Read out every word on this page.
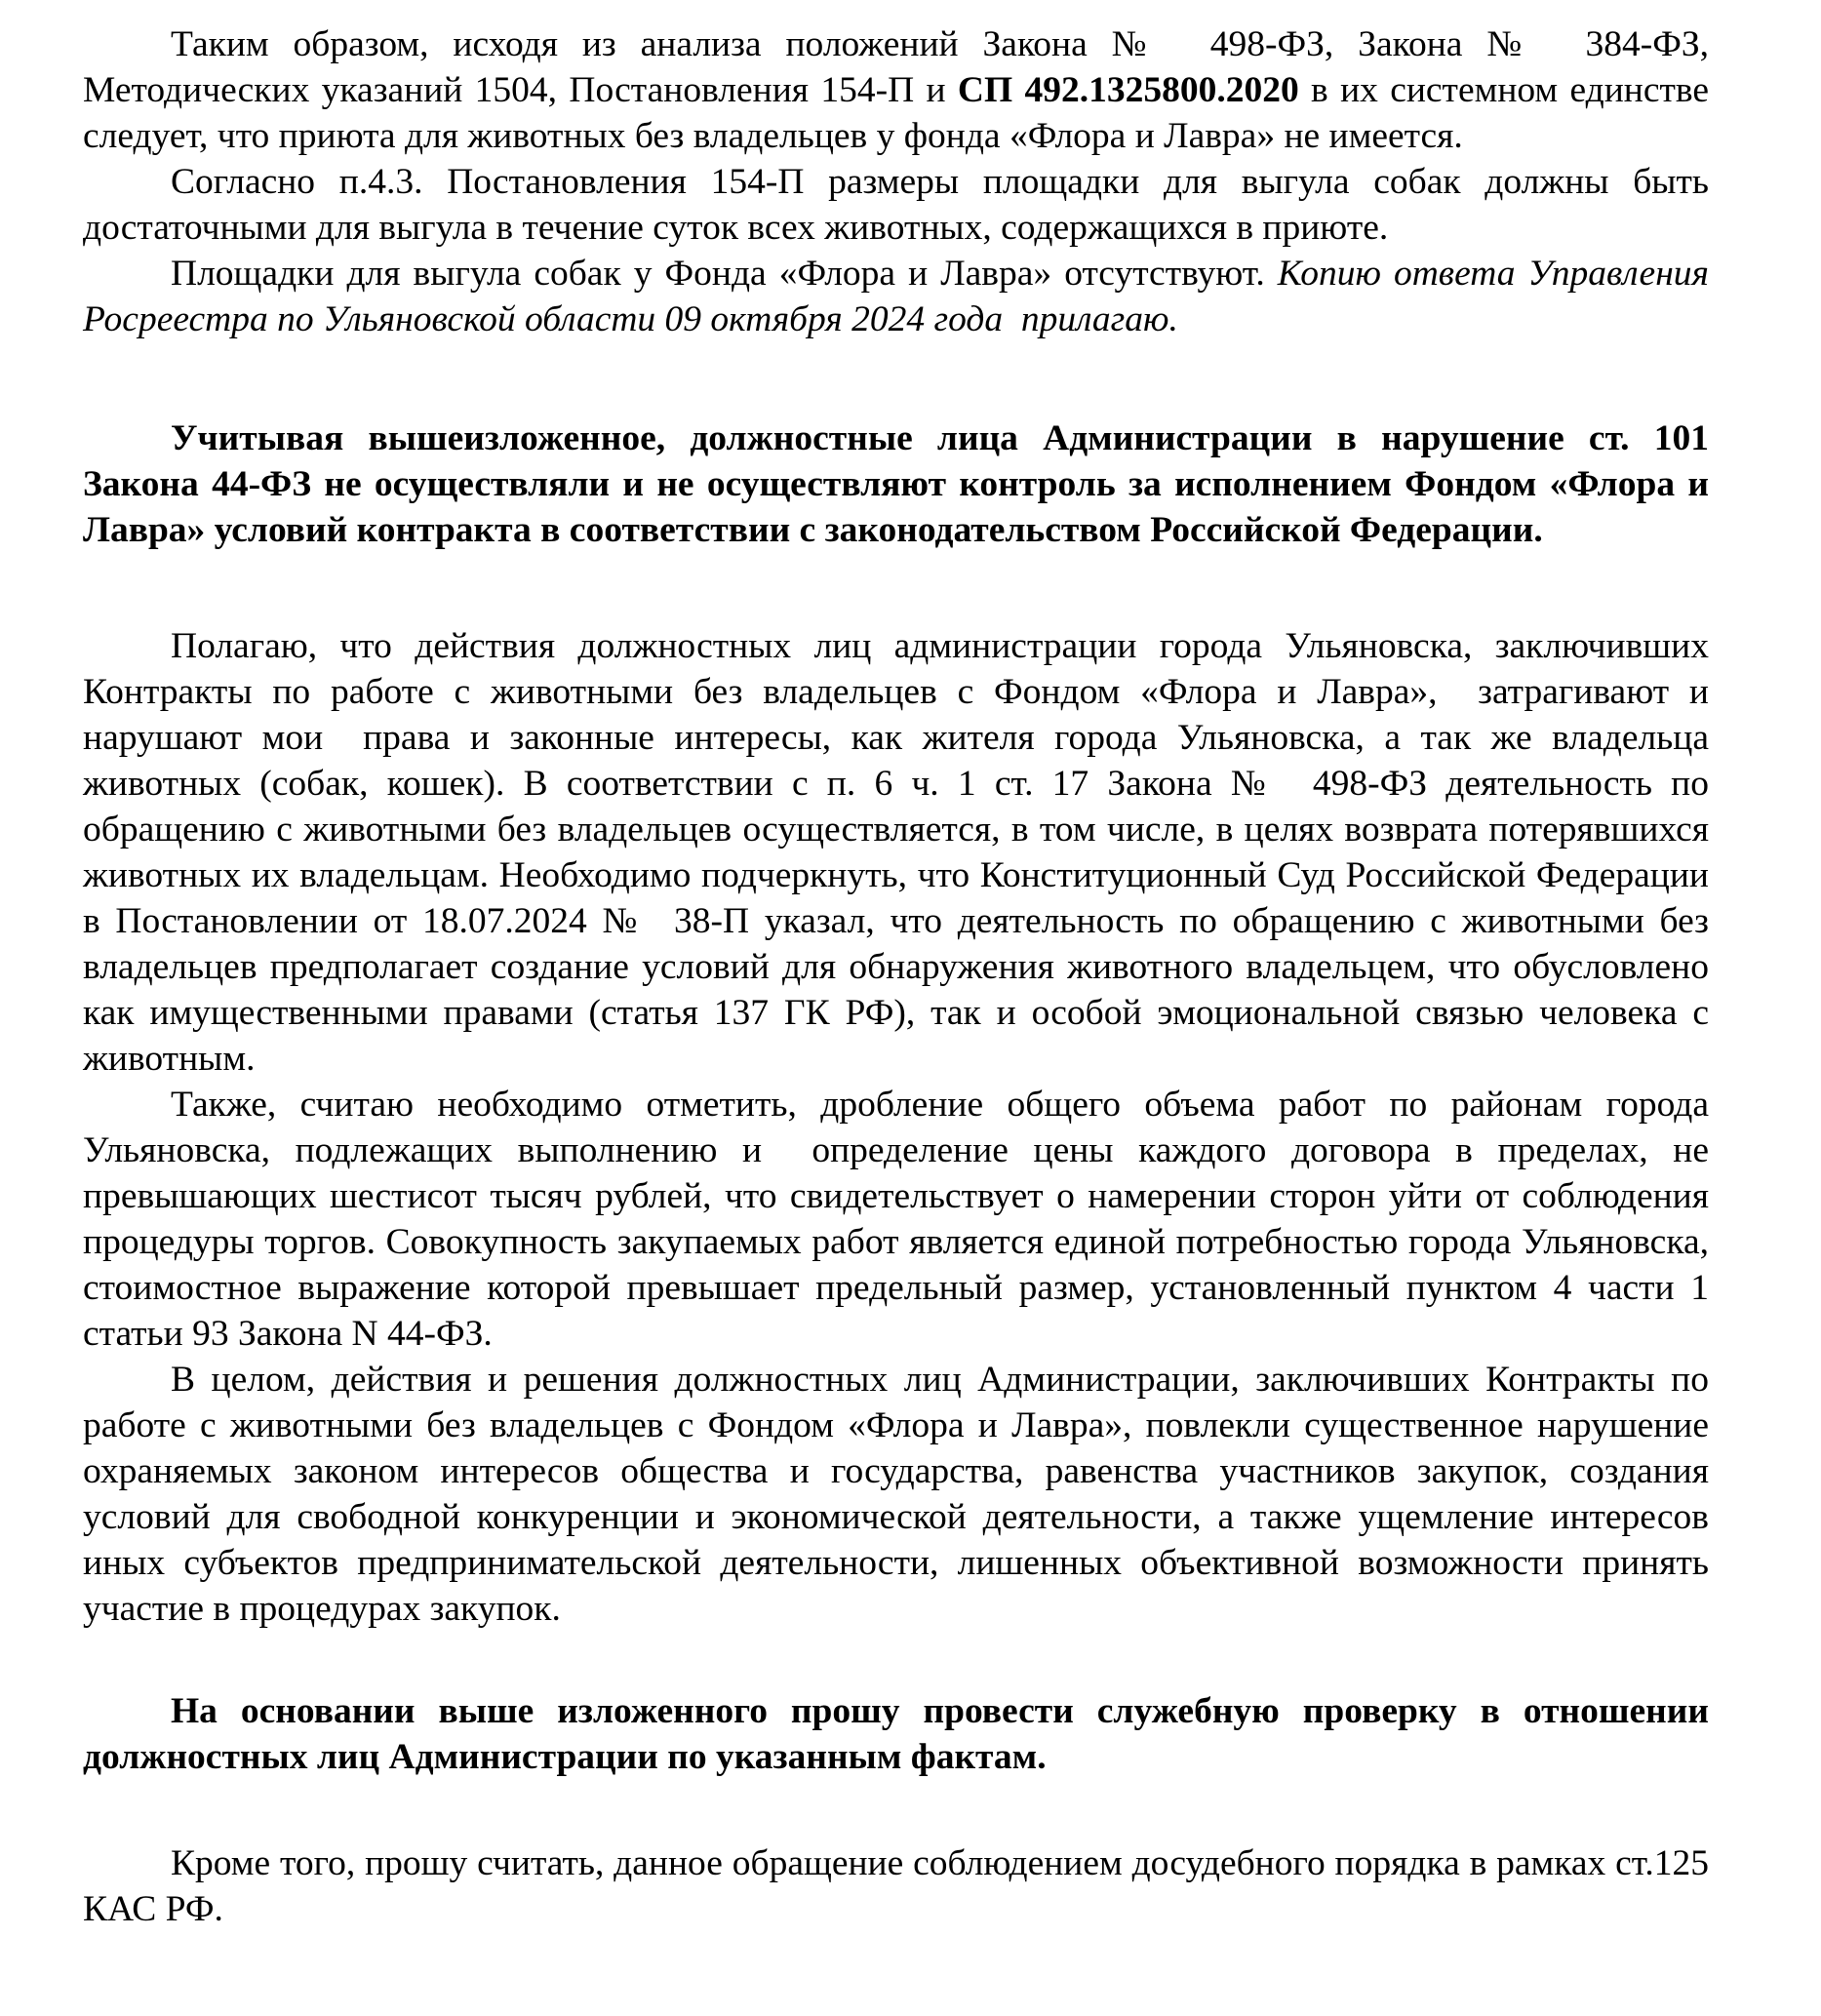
Таким образом, исходя из анализа положений Закона №  498-ФЗ, Закона №  384-ФЗ, Методических указаний 1504, Постановления 154-П и СП 492.1325800.2020 в их системном единстве следует, что приюта для животных без владельцев у фонда «Флора и Лавра» не имеется.

Согласно п.4.3. Постановления 154-П размеры площадки для выгула собак должны быть достаточными для выгула в течение суток всех животных, содержащихся в приюте.

Площадки для выгула собак у Фонда «Флора и Лавра» отсутствуют. Копию ответа Управления Росреестра по Ульяновской области 09 октября 2024 года  прилагаю.

Учитывая вышеизложенное, должностные лица Администрации в нарушение ст. 101 Закона 44-ФЗ не осуществляли и не осуществляют контроль за исполнением Фондом «Флора и Лавра» условий контракта в соответствии с законодательством Российской Федерации.

Полагаю, что действия должностных лиц администрации города Ульяновска, заключивших Контракты по работе с животными без владельцев с Фондом «Флора и Лавра»,  затрагивают и нарушают мои  права и законные интересы, как жителя города Ульяновска, а так же владельца животных (собак, кошек). В соответствии с п. 6 ч. 1 ст. 17 Закона №  498-ФЗ деятельность по обращению с животными без владельцев осуществляется, в том числе, в целях возврата потерявшихся животных их владельцам. Необходимо подчеркнуть, что Конституционный Суд Российской Федерации в Постановлении от 18.07.2024 №  38-П указал, что деятельность по обращению с животными без владельцев предполагает создание условий для обнаружения животного владельцем, что обусловлено как имущественными правами (статья 137 ГК РФ), так и особой эмоциональной связью человека с животным.

Также, считаю необходимо отметить, дробление общего объема работ по районам города Ульяновска, подлежащих выполнению и  определение цены каждого договора в пределах, не превышающих шестисот тысяч рублей, что свидетельствует о намерении сторон уйти от соблюдения процедуры торгов. Совокупность закупаемых работ является единой потребностью города Ульяновска, стоимостное выражение которой превышает предельный размер, установленный пунктом 4 части 1 статьи 93 Закона N 44-ФЗ.

В целом, действия и решения должностных лиц Администрации, заключивших Контракты по работе с животными без владельцев с Фондом «Флора и Лавра», повлекли существенное нарушение охраняемых законом интересов общества и государства, равенства участников закупок, создания условий для свободной конкуренции и экономической деятельности, а также ущемление интересов иных субъектов предпринимательской деятельности, лишенных объективной возможности принять участие в процедурах закупок.

На основании выше изложенного прошу провести служебную проверку в отношении должностных лиц Администрации по указанным фактам.

Кроме того, прошу считать, данное обращение соблюдением досудебного порядка в рамках ст.125 КАС РФ.
